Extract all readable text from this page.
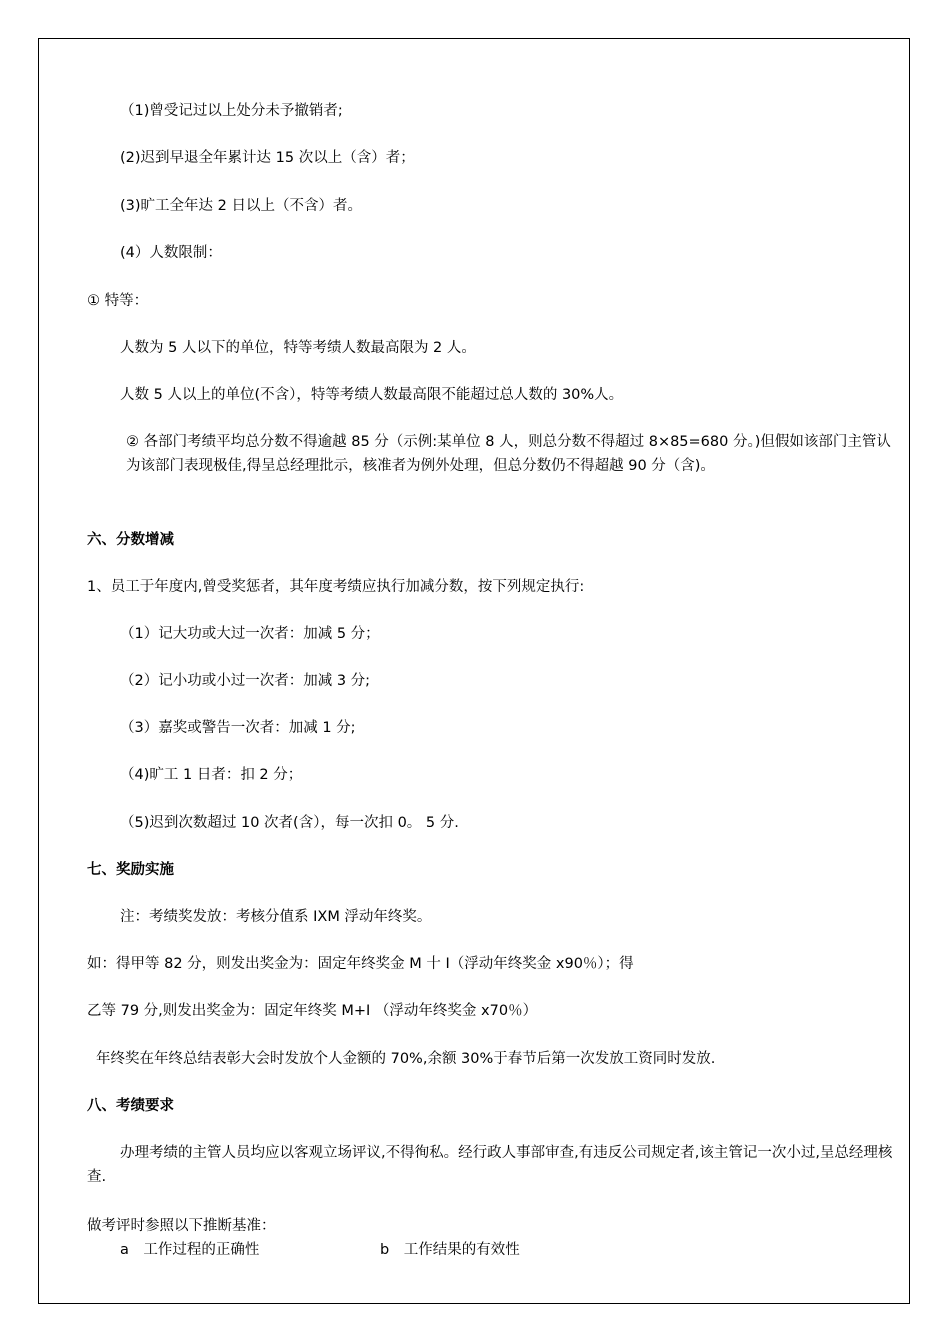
（1)曾受记过以上处分未予撤销者;
(2)迟到早退全年累计达 15 次以上（含）者；
(3)旷工全年达 2 日以上（不含）者。
(4）人数限制：
① 特等：
人数为 5 人以下的单位，特等考绩人数最高限为 2 人。
人数 5 人以上的单位(不含），特等考绩人数最高限不能超过总人数的 30%人。
② 各部门考绩平均总分数不得逾越 85 分（示例:某单位 8 人，则总分数不得超过 8×85=680 分。)但假如该部门主管认为该部门表现极佳,得呈总经理批示，核准者为例外处理，但总分数仍不得超越 90 分（含)。
六、分数增减
1、员工于年度内,曾受奖惩者，其年度考绩应执行加减分数，按下列规定执行:
（1）记大功或大过一次者：加减 5 分；
（2）记小功或小过一次者：加减 3 分;
（3）嘉奖或警告一次者：加减 1 分;
（4)旷工 1 日者：扣 2 分；
（5)迟到次数超过 10 次者(含），每一次扣 0。 5 分.
七、奖励实施
注：考绩奖发放：考核分值系 IXM 浮动年终奖。
如：得甲等 82 分，则发出奖金为：固定年终奖金 M 十 I（浮动年终奖金 x90％）；得
乙等 79 分,则发出奖金为：固定年终奖 M+I （浮动年终奖金 x70％）
年终奖在年终总结表彰大会时发放个人金额的 70%,余额 30%于春节后第一次发放工资同时发放.
八、考绩要求
办理考绩的主管人员均应以客观立场评议,不得徇私。经行政人事部审查,有违反公司规定者,该主管记一次小过,呈总经理核查.
做考评时参照以下推断基准：
a　工作过程的正确性	b　工作结果的有效性
